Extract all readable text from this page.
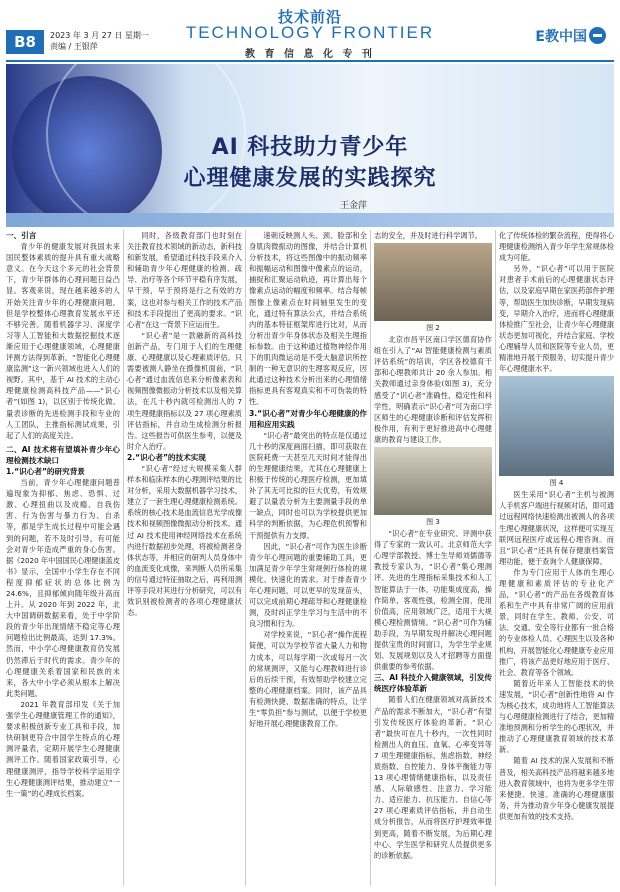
B8	2023 年 3 月 27 日 星期一
责编 / 王银萍
技术前沿
TECHNOLOGY FRONTIER
教 育 信 息 化 专 刊
E教中国
AI 科技助力青少年
心理健康发展的实践探究
王金萍
一、引言

青少年的健康发展对我国未来国民整体素质的提升具有重大战略意义。在今天这个多元的社会背景下，青少年群体的心理问题日益凸显。客观来说，现在越来越多的人开始关注青少年的心理健康问题，但是学校整体心理教育发展水平还不够完善。随着机器学习、深度学习等人工智能和大数据挖掘技术逐渐应用于心理健康领域，心理健康评测方法得到革新，“智能化心理健康监测”这一新兴领域也进入人们的视野。其中，基于 AI 技术的主动心理健康检测高科技产品——“识心者”(如图 1)，以区别于传统化做、量表诊断的先进检测手段和专业的人工团队，主推指标测试成果，引起了人们的高度关注。

二、AI 技术将有望填补青少年心理检测技术缺口
1.“识心者”的研究背景

当前，青少年心理健康问题普遍现象为抑郁、焦虑、恐惧、过激、心理扭曲以及成瘾、自我伤害、行为伤害与暴力行为、自杀等，都是学生成长过程中可能会遇到的问题，若不及时引导，有可能会对青少年造成严重的身心伤害。据《2020 年中国国民心理健康蓝皮书》显示，全国中小学生存在不同程度抑郁症状的总体比例为 24.6%，且抑郁倾向随年级升高而上升。从 2020 年到 2022 年，北大中国调研数据来看，处于中学阶段的青少年出现情绪不稳定等心理问题检出比例最高，达到 17.3%。然而，中小学心理健康教育仍发展仍然滞后于时代的需求。青少年的心理健康关系着国家和民族的未来，各大中小学必须从根本上解决此类问题。

2021 年教育部印发《关于加强学生心理健康管理工作的通知》，要求积极创新专业工具和手段，加快研制更符合中国学生特点的心理测评量表，定期开展学生心理健康测评工作。随着国家政策引导，心理健康测评，指导学校科学运用学生心理健康测评结果，推动建立“一生一策”的心理成长档案。

同时，各级教育部门也时刻在关注教育技术领域的新动态，新科技和新发展，希望通过科技手段来介入和辅助青少年心理健康的检测、疏导、治疗等各个环节平稳有序发展，早干预，早于预将是行之有效的方案，这也对参与相关工作的技术产品和技术手段提出了更高的要求。“识心者”在这一背景下应运而生。

“识心者”是一款融新的高科技创新产品，专门用于人们的生理健康、心理健康以及心理素质评估。只需要被测人静坐在摄像机面前，“识心者”通过血流信息来分析像素表和视频图像微振动分析技术以及相关算法，在几十秒内就可检测出人的 7 项生理健康指标以及 27 项心理素质评估指标，并自动生成检测分析报告。这些报告可供医生参考，以便及时介入治疗。

2.“识心者”的技术实现

“识心者”经过大规模采集人群样本和临床样本的心理测评结果的比对分析，采用大数据机器学习技术，建立了一套生理心理健康检测系统。系统的核心技术是血流信息光学成像技术和视频图像微振动分析技术。通过 AI 技术使用神经网络技术在系统内进行数据初步处理，将被检测者身体状态等，并相应的研判人员身体中的血流变化成像，来判断人员所采集的信号通过特征抽取之后，再利用测评等手段对其进行分析研究，可以有效识别被检测者的各项心理健康状态。

速刺反映测人头、颈、脸部和全身肌肉微振动的图像，并结合计算机分析技术，将这些图像中的振动频率和振幅运动和图像中像素点的运动，捕捉和汇聚运动轨迹，再计算出每个像素点运动的幅度和频率。结合每帧图像上像素点在时间轴里发生的变化，通过特有算法公式，并结合系统内的基本特征框架库进行比对，从而分析出青少年身体状态及相关生理指标参数。由于这种通过植物神经作用下的肌肉微运动是不受大脑意识所控制的一种无意识的生理客观反应，因此通过这种技术分析出来的心理情绪指标更具有客观真实和不可伪装的特性。

3.“识心者”对青少年心理健康的作用和应用实践

“识心者”最突出的特点是仅通过几十秒的深度画面扫描，即可获取在医院耗费一天甚至几天时间才能得出的生理健康结果，尤其在心理健康上积极于传统的心理医疗检测，更加填补了其无可比拟的巨大优势，有效规避了以量表分析为主要测量手段的单一缺点，同时也可以为学校提供更加科学的判断依据，为心理危机预警和干预提供有力支撑。

因此，“识心者”可作为医生诊断青少年心理问题的重要辅助工具，更加满足青少年学生常规例行体检的规模化、快速化的需求。对于排查青少年心理问题，可以更早的发现苗头，可以完成前期心理疏导和心理健康检测，及时纠正学生学习与生活中的不良习惯和行为。

对学校来说，“识心者”操作流程简便，可以为学校节省大量人力和物力成本，可以每学期一次或每月一次的常规测评，又能与心理教师进行诊后的后续干预，有效帮助学校建立完整的心理健康档案。同时，该产品具有检测快捷、数据准确的特点，让学生“零负担”参与测试，以便于学校更好地开展心理健康教育工作。

志的安全，并及时进行科学调节。

图 2

北京市昌平区南口学区德育协作组在引入了“AI 智能健康检测与素质评估系统”的培训，学区各校德育干部和心理教师共计 20 余人参加。相关教师通过亲身体验(如图 3)，充分感受了“识心者”准确性、稳定性和科学性，明确表示“识心者”可为南口学区师生的心理健康诊断和评估发挥积极作用，有利于更好推进高中心理健康的教育与建设工作。

图 3

“识心者”在专业研究、评测中获得了专家的一致认可。北京师范大学心理学部教授、博士生导师刘儒德等教授专家认为，“识心者”集心理测评、先进的生理指标采集技术和人工智能算法于一体，功能集成度高，操作简单，客观性强，检测全面，使用价值高，应用领域广泛，适用于大规模心理检测情境。“识心者”可作为辅助手段，为早期发现并解决心理问题提供宝贵的时间窗口，为学生学业规划、发展规划以及人才招聘等方面提供重要的参考依据。

三、AI 科技介入健康领域，引发传统医疗体验革新

随着人们在健康领域对高新技术产品的需求不断加大，“识心者”有望引发传统医疗体验的革新。“识心者”最快可在几十秒内，一次性同时检测出人的血压、血氧、心率变异等 7 项生理健康指标，焦虑指数、神经质指数、自控能力、身体平衡能力等 13 项心理情绪健康指标，以及责任感、人际敏感性、注意力、学习能力、适应能力、抗压能力、自信心等 27 项心理素质评估指标，并自动生成分析报告，从而将医疗护理效率提到更高，随着不断发展，为后期心理中心、学生医学和研究人员提供更多的诊断依据。

化了传统体检的繁杂流程，使得将心理健康检测纳入青少年学生常规体检成为可能。

另外，“识心者”可以用于医院对患者手术前后的心理健康状态评估，以及家庭早期在家医药部件护理等，帮助医生加快诊断，早期发现病变，早期介入治疗，进而将心理健康体检推广至社会，让青少年心理健康状态更加可视化，并结合家庭、学校心理辅导人员和医院等专业人员，更精准地开展干预服务，切实提升青少年心理健康水平。

图 4

医生采用“识心者”主机与被测人手机客户端进行视频对话，即可通过远程网络快速检测出被测人的各项生理心理健康状况，这样便可实现互联网远程医疗或远程心理咨询。而且“识心者”还具有保存健康档案管理功能，便于查询个人健康保障。

作为专门应用于人体的生理心理健康和素质评估的专业化产品，“识心者”的产品在各级教育体系和生产中具有非常广阔的应用前景，同时在学生、教师、公安、司法、交通、安全等行业都有一批合格的专业体检人员、心理医生以及各种机构，开展智能化心理健康专业应用推广，将该产品更好地应用于医疗、社会、教育等各个领域。

随着近年来人工智能技术的快速发展，“识心者”创新性地将 AI 作为核心技术，成功地将人工智能算法与心理健康检测进行了结合，更加精准地预测和分析学生的心理状况，并推动了心理健康教育领域的技术革新。

随着 AI 技术的深入发展和不断普及，相关高科技产品将越来越多地进入教育领域中，也将为更多学生带来便捷、快速、准确的心理健康服务，并为推动青少年身心健康发展提供更加有效的技术支持。
